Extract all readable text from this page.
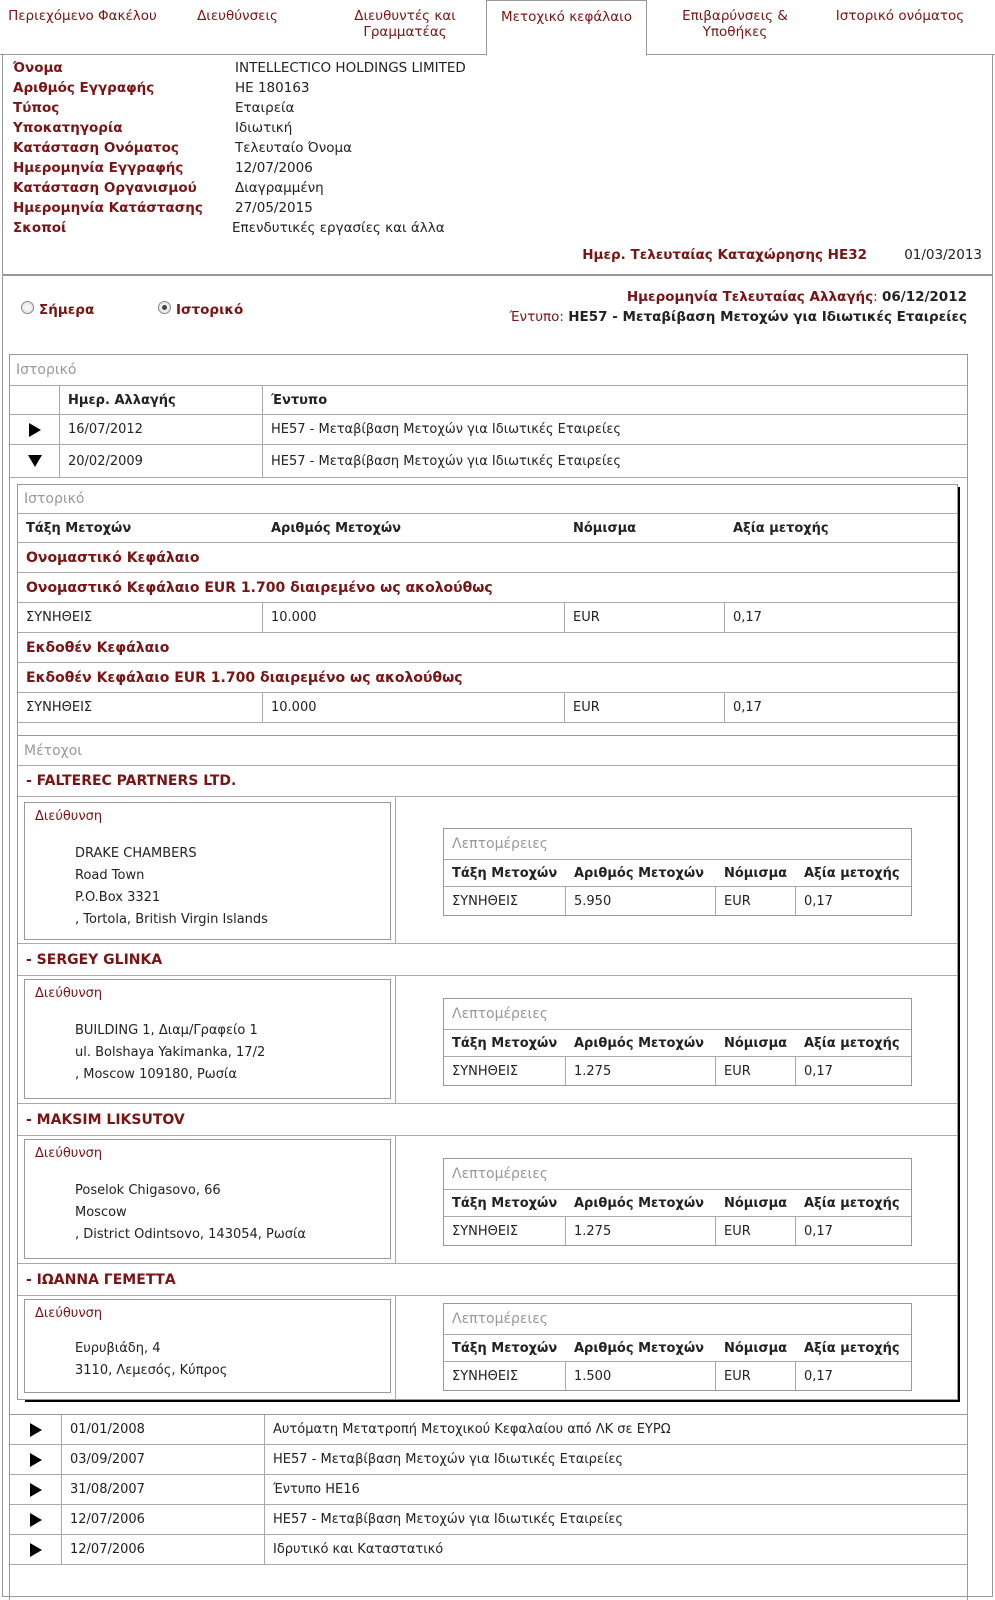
Περιεχόμενο Φακέλου	Διευθύνσεις	Διευθυντές και Γραμματέας
Μετοχικό κεφάλαιο	Επιβαρύνσεις & Υποθήκες
Ιστορικό ονόματος
Όνομα	INTELLECTICO HOLDINGS LIMITED
Αριθμός Εγγραφής	ΗΕ 180163
Τύπος	Εταιρεία
Υποκατηγορία	Ιδιωτική
Κατάσταση Ονόματος	Τελευταίο Όνομα
Ημερομηνία Εγγραφής	12/07/2006
Κατάσταση Οργανισμού	Διαγραμμένη
Ημερομηνία Κατάστασης 27/05/2015
Σκοποί	Επενδυτικές εργασίες και άλλα
Ημερ. Τελευταίας Καταχώρησης ΗΕ32	01/03/2013
Σήμερα	Ιστορικό
Ημερομηνία Τελευταίας Αλλαγής: 06/12/2012
Έντυπο: ΗΕ57 - Μεταβίβαση Μετοχών για Ιδιωτικές Εταιρείες
Ιστορικό
Ημερ. Αλλαγής	Έντυπο
16/07/2012	ΗΕ57 - Μεταβίβαση Μετοχών για Ιδιωτικές Εταιρείες
20/02/2009	ΗΕ57 - Μεταβίβαση Μετοχών για Ιδιωτικές Εταιρείες
Ιστορικό
Τάξη Μετοχών	Αριθμός Μετοχών	Νόμισμα	Αξία μετοχής
Ονομαστικό Κεφάλαιο
Ονομαστικό Κεφάλαιο EUR 1.700 διαιρεμένο ως ακολούθως
ΣΥΝΗΘΕΙΣ	10.000	EUR	0,17
Εκδοθέν Κεφάλαιο
Εκδοθέν Κεφάλαιο EUR 1.700 διαιρεμένο ως ακολούθως
ΣΥΝΗΘΕΙΣ	10.000	EUR	0,17
Μέτοχοι
- FALTEREC PARTNERS LTD.
Διεύθυνση
DRAKE CHAMBERS
Road Town
P.O.Box 3321
, Tortola, British Virgin Islands
Λεπτομέρειες
Τάξη Μετοχών	Αριθμός Μετοχών	Νόμισμα	Αξία μετοχής
ΣΥΝΗΘΕΙΣ	5.950	EUR	0,17
- SERGEY GLINKA
Διεύθυνση
BUILDING 1, Διαμ/Γραφείο 1
ul. Bolshaya Yakimanka, 17/2
, Moscow 109180, Ρωσία
Λεπτομέρειες
Τάξη Μετοχών	Αριθμός Μετοχών	Νόμισμα	Αξία μετοχής
ΣΥΝΗΘΕΙΣ	1.275	EUR	0,17
- MAKSIM LIKSUTOV
Διεύθυνση
Poselok Chigasovo, 66
Moscow
, District Odintsovo, 143054, Ρωσία
Λεπτομέρειες
Τάξη Μετοχών	Αριθμός Μετοχών	Νόμισμα	Αξία μετοχής
ΣΥΝΗΘΕΙΣ	1.275	EUR	0,17
- ΙΩΑΝΝΑ ΓΕΜΕΤΤΑ
Διεύθυνση
Ευρυβιάδη, 4
3110, Λεμεσός, Κύπρος
Λεπτομέρειες
Τάξη Μετοχών	Αριθμός Μετοχών	Νόμισμα	Αξία μετοχής
ΣΥΝΗΘΕΙΣ	1.500	EUR	0,17
01/01/2008	Αυτόματη Μετατροπή Μετοχικού Κεφαλαίου από ΛΚ σε ΕΥΡΩ
03/09/2007	ΗΕ57 - Μεταβίβαση Μετοχών για Ιδιωτικές Εταιρείες
31/08/2007	Έντυπο ΗΕ16
12/07/2006	ΗΕ57 - Μεταβίβαση Μετοχών για Ιδιωτικές Εταιρείες
12/07/2006	Ιδρυτικό και Καταστατικό
